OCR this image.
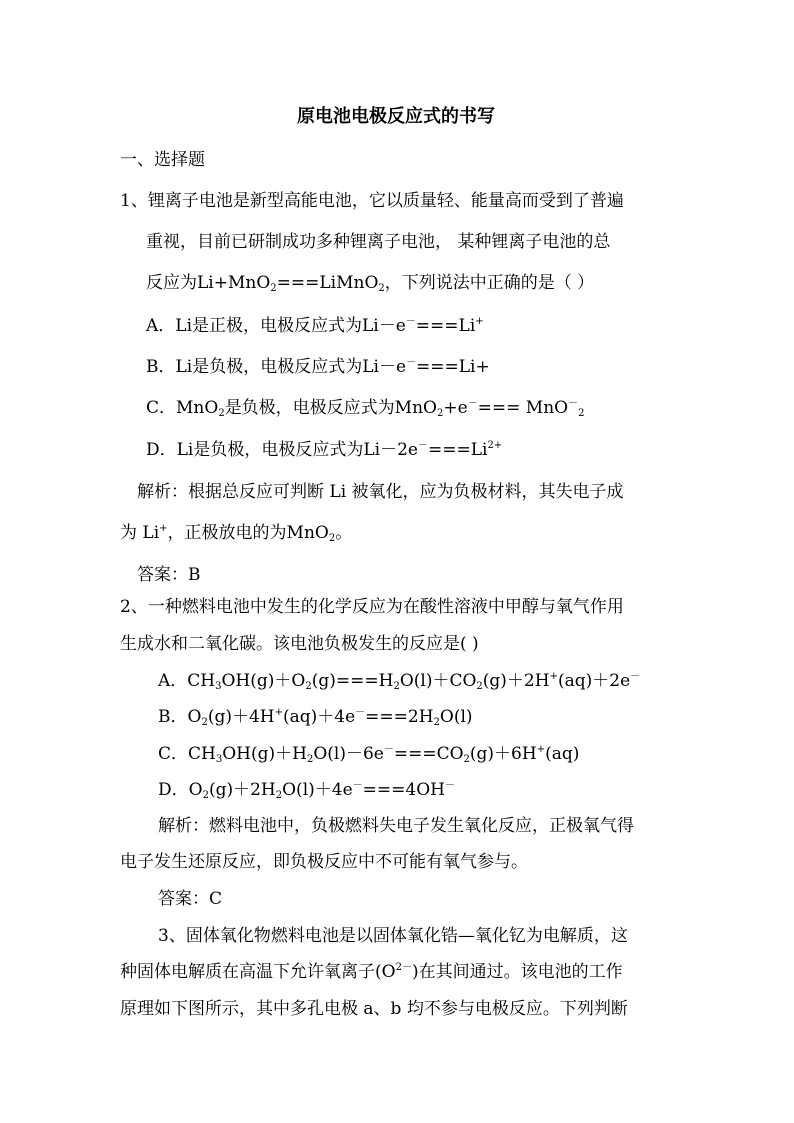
原电池电极反应式的书写
一、选择题
1、锂离子电池是新型高能电池，它以质量轻、能量高而受到了普遍
重视，目前已研制成功多种锂离子电池， 某种锂离子电池的总
反应为Li+MnO$_2$===LiMnO$_2$，下列说法中正确的是（ ）
A．Li是正极，电极反应式为Li－e－===Li+
B．Li是负极，电极反应式为Li－e－===Li+
C．MnO$_2$是负极，电极反应式为MnO$_2$+e－=== MnO－$_2$
D．Li是负极，电极反应式为$Li-2e^-===Li^{2+}$
解析：根据总反应可判断 Li 被氧化，应为负极材料，其失电子成
为 Li+，正极放电的为MnO$_2$。
答案：B
2、一种燃料电池中发生的化学反应为在酸性溶液中甲醇与氧气作用
生成水和二氧化碳。该电池负极发生的反应是( )
A．$CH_3OH(g)+O_2(g)===H_2O(l)+CO_2(g)+2H^+(aq)+2e^-$
B．$O_2(g)+4H^+(aq)+4e^-===2H_2O(l)$
C．$CH_3OH(g)+H_2O(l)-6e^-===CO_2(g)+6H^+(aq)$
D．$O_2(g)+2H_2O(l)+4e^-===4OH^-$
解析：燃料电池中，负极燃料失电子发生氧化反应，正极氧气得
电子发生还原反应，即负极反应中不可能有氧气参与。
答案：C
3、固体氧化物燃料电池是以固体氧化锆—氧化钇为电解质，这
种固体电解质在高温下允许氧离子$(O^{2-})$在其间通过。该电池的工作
原理如下图所示，其中多孔电极 a、b 均不参与电极反应。下列判断
